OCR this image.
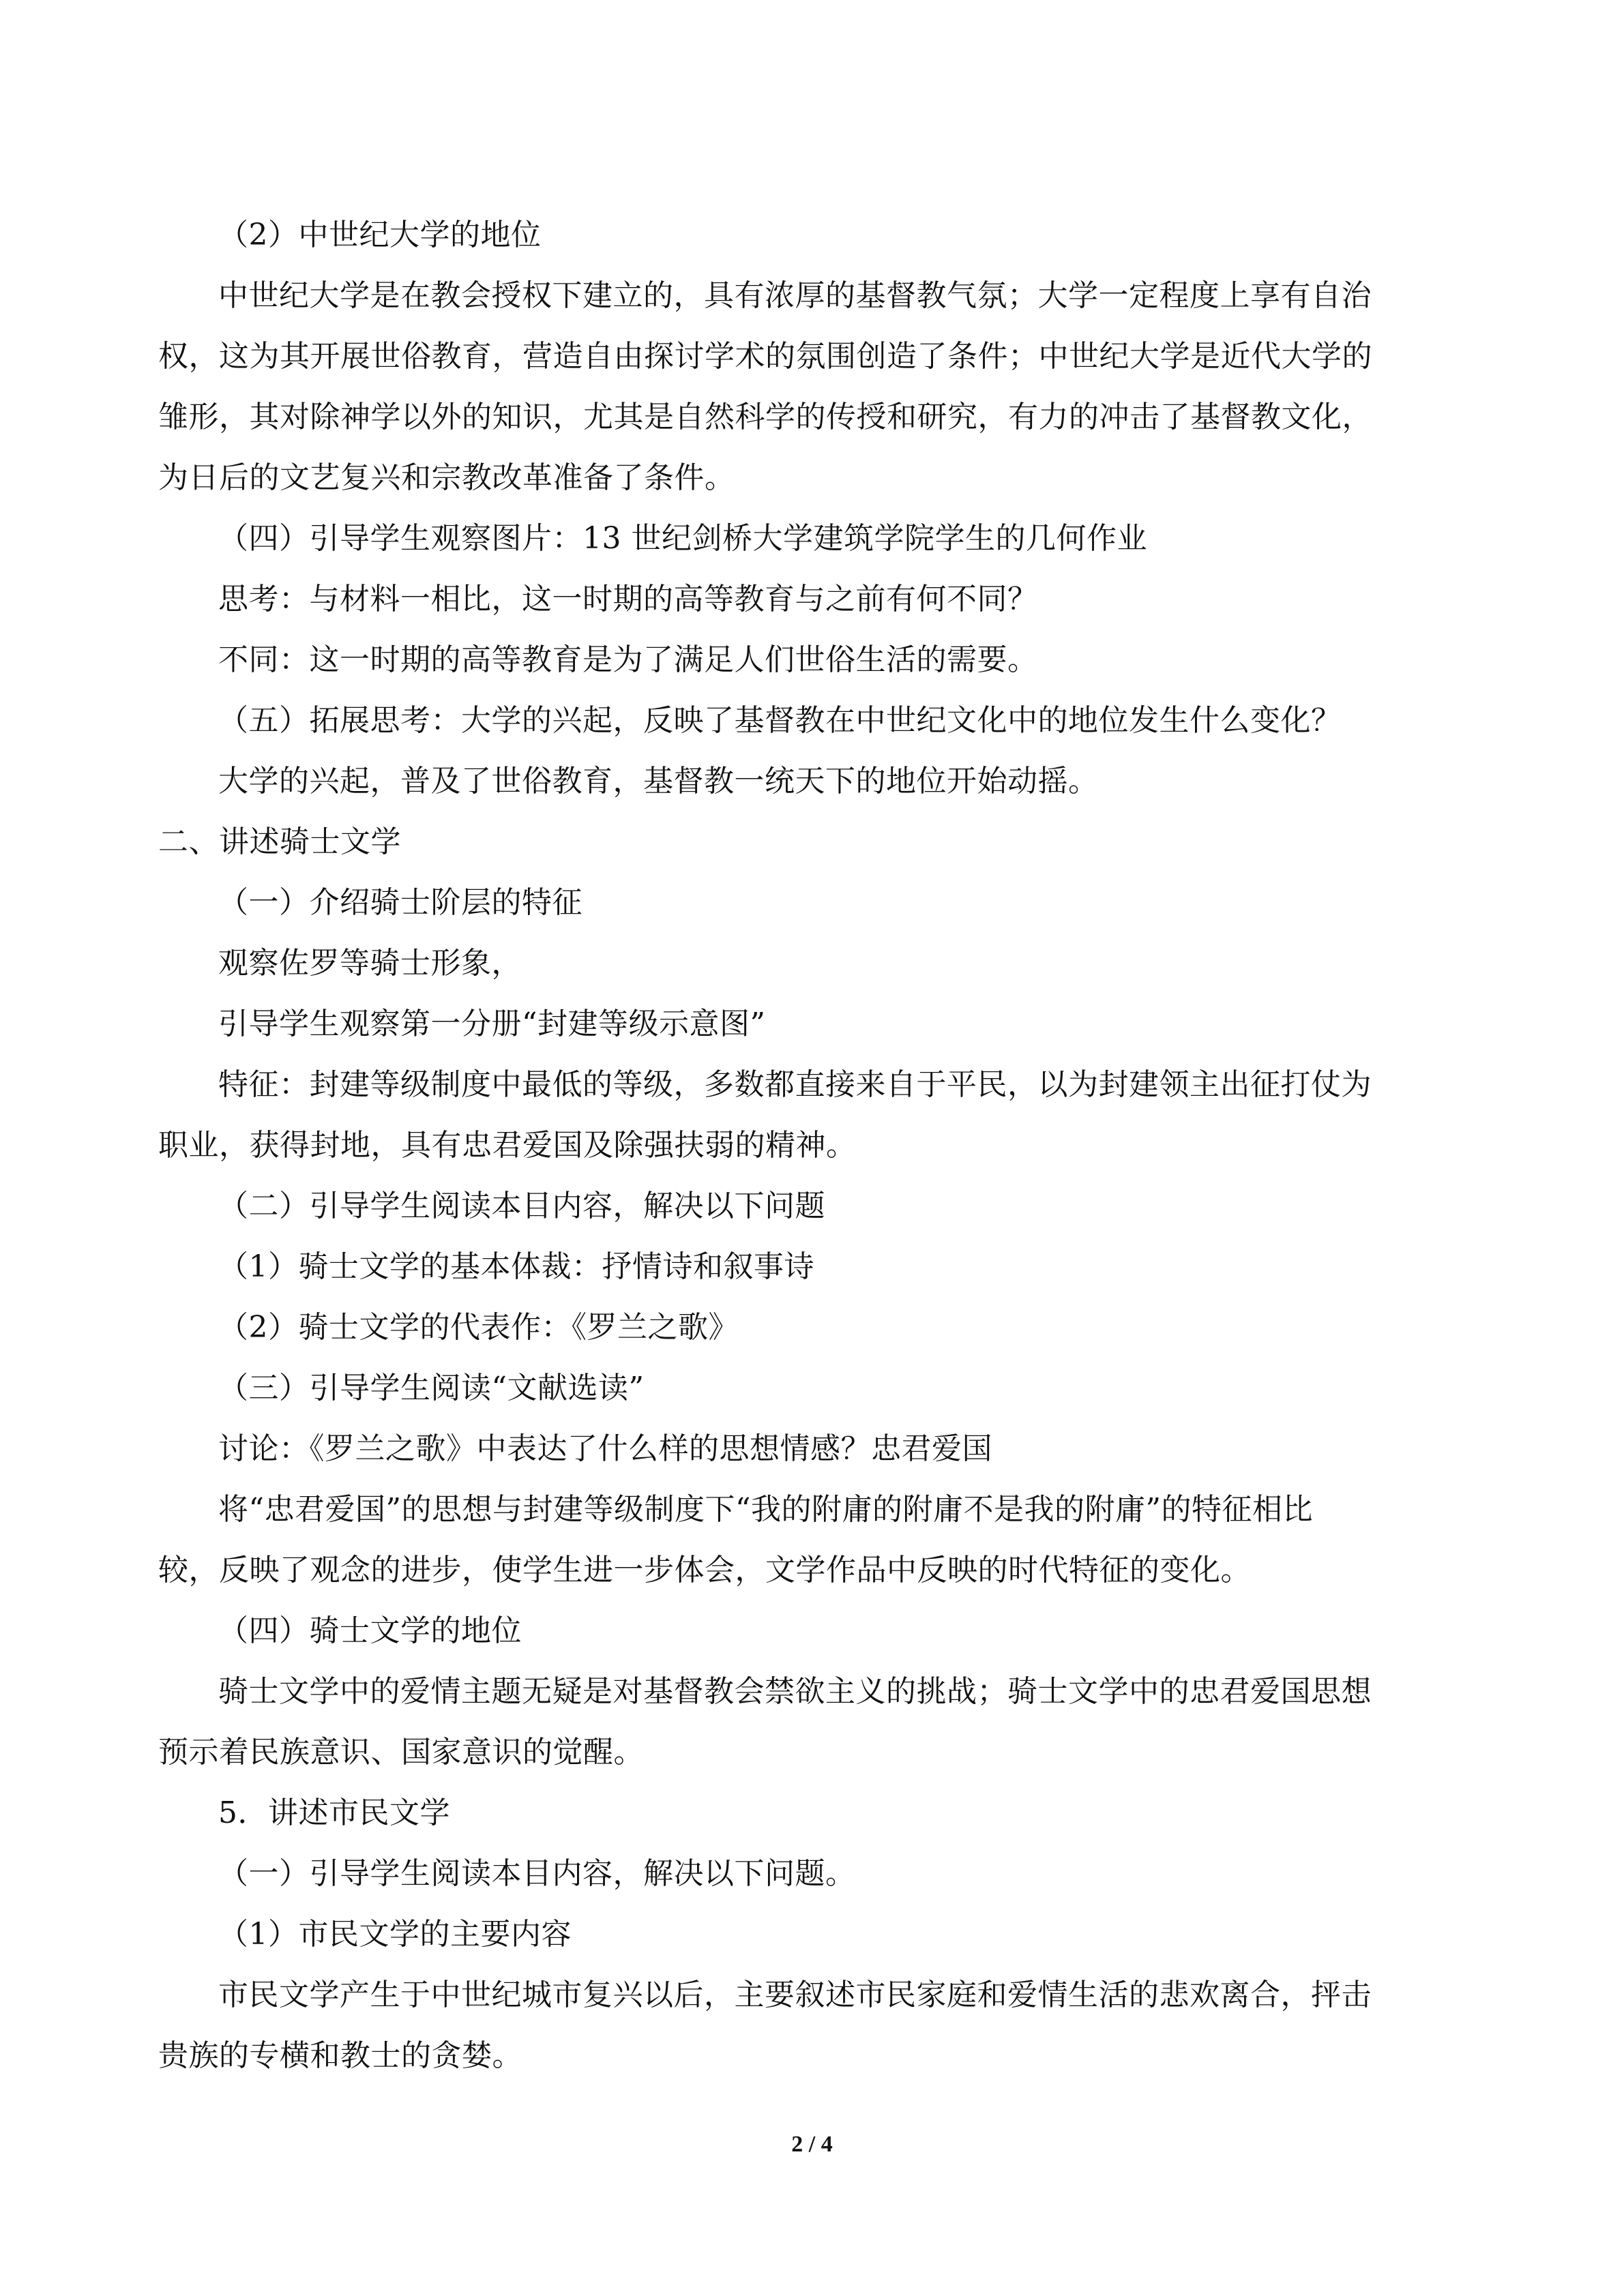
（2）中世纪大学的地位
中世纪大学是在教会授权下建立的，具有浓厚的基督教气氛；大学一定程度上享有自治
权，这为其开展世俗教育，营造自由探讨学术的氛围创造了条件；中世纪大学是近代大学的
雏形，其对除神学以外的知识，尤其是自然科学的传授和研究，有力的冲击了基督教文化，
为日后的文艺复兴和宗教改革准备了条件。
（四）引导学生观察图片：13 世纪剑桥大学建筑学院学生的几何作业
思考：与材料一相比，这一时期的高等教育与之前有何不同？
不同：这一时期的高等教育是为了满足人们世俗生活的需要。
（五）拓展思考：大学的兴起，反映了基督教在中世纪文化中的地位发生什么变化？
大学的兴起，普及了世俗教育，基督教一统天下的地位开始动摇。
二、讲述骑士文学
（一）介绍骑士阶层的特征
观察佐罗等骑士形象，
引导学生观察第一分册“封建等级示意图”
特征：封建等级制度中最低的等级，多数都直接来自于平民，以为封建领主出征打仗为
职业，获得封地，具有忠君爱国及除强扶弱的精神。
（二）引导学生阅读本目内容，解决以下问题
（1）骑士文学的基本体裁：抒情诗和叙事诗
（2）骑士文学的代表作：《罗兰之歌》
（三）引导学生阅读“文献选读”
讨论：《罗兰之歌》中表达了什么样的思想情感？忠君爱国
将“忠君爱国”的思想与封建等级制度下“我的附庸的附庸不是我的附庸”的特征相比
较，反映了观念的进步，使学生进一步体会，文学作品中反映的时代特征的变化。
（四）骑士文学的地位
骑士文学中的爱情主题无疑是对基督教会禁欲主义的挑战；骑士文学中的忠君爱国思想
预示着民族意识、国家意识的觉醒。
5．讲述市民文学
（一）引导学生阅读本目内容，解决以下问题。
（1）市民文学的主要内容
市民文学产生于中世纪城市复兴以后，主要叙述市民家庭和爱情生活的悲欢离合，抨击
贵族的专横和教士的贪婪。
2 / 4
